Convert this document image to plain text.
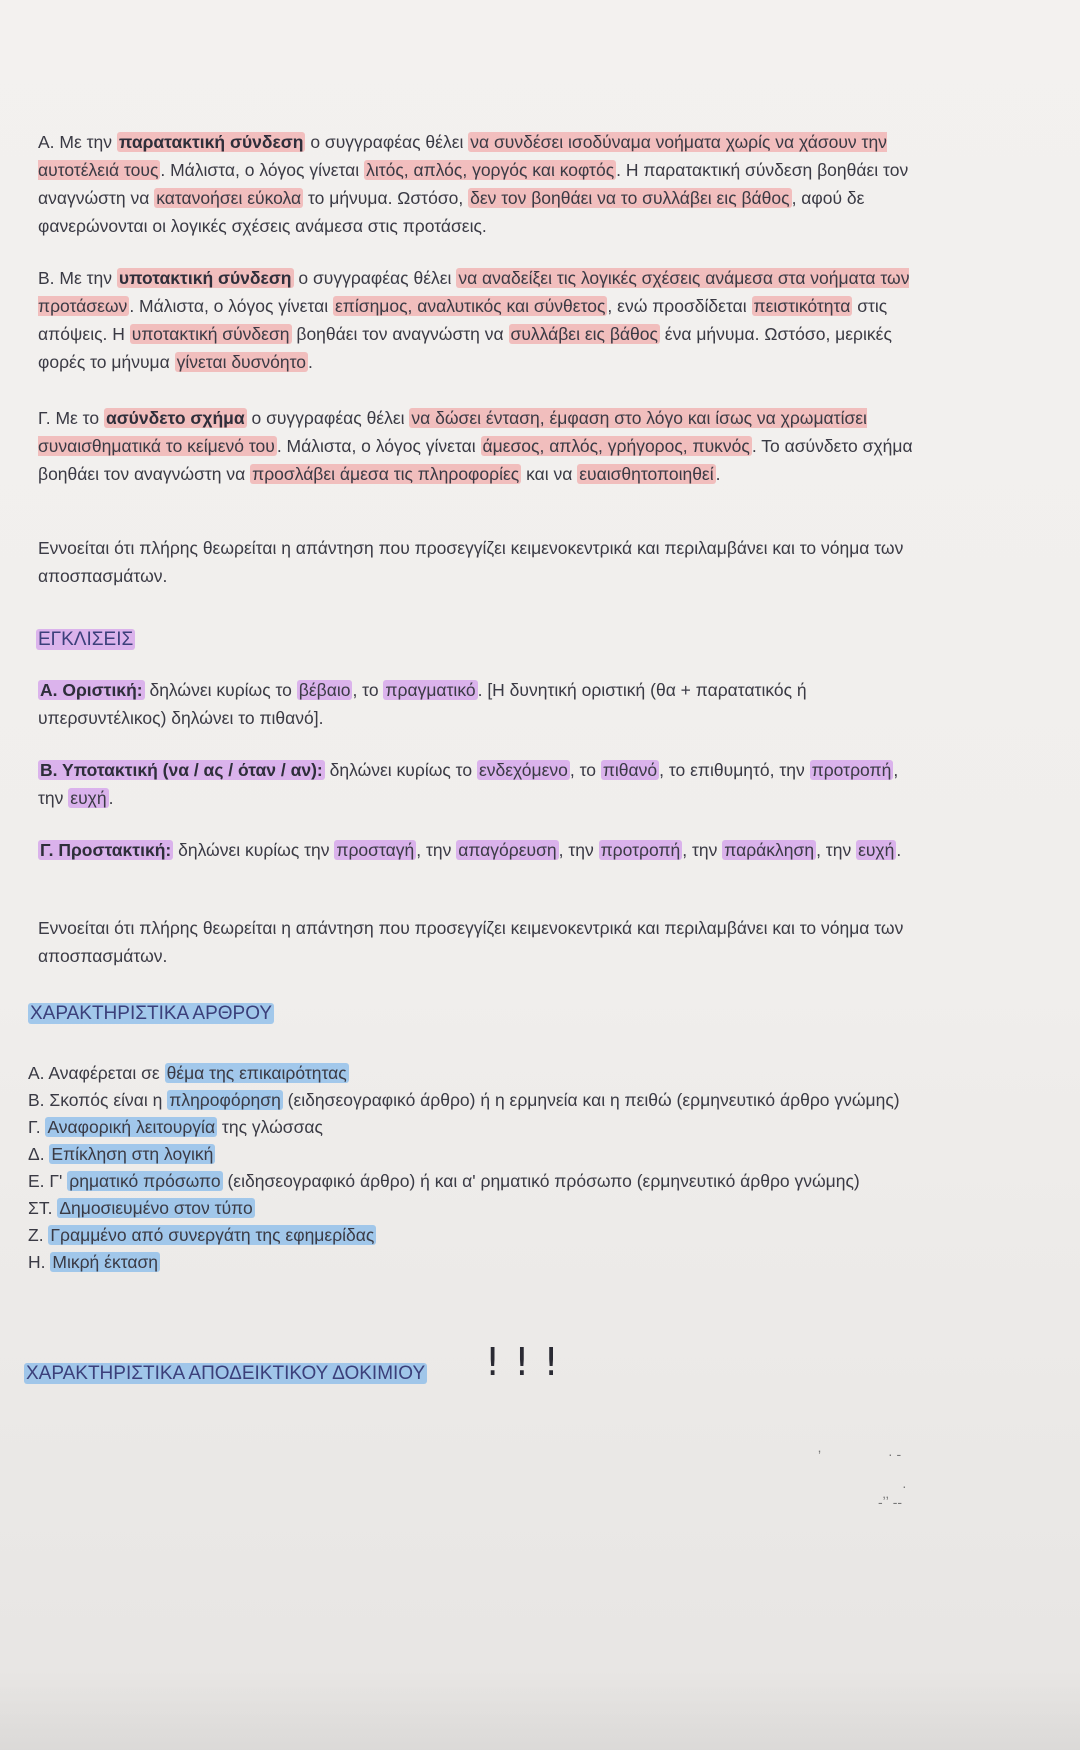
Α. Με την παρατακτική σύνδεση ο συγγραφέας θέλει να συνδέσει ισοδύναμα νοήματα χωρίς να χάσουν την αυτοτέλειά τους . Μάλιστα, ο λόγος γίνεται λιτός, απλός, γοργός και κοφτός . Η παρατακτική σύνδεση βοηθάει τον αναγνώστη να κατανοήσει εύκολα το μήνυμα. Ωστόσο, δεν τον βοηθάει να το συλλάβει εις βάθος , αφού δε φανερώνονται οι λογικές σχέσεις ανάμεσα στις προτάσεις.

Β. Με την υποτακτική σύνδεση ο συγγραφέας θέλει να αναδείξει τις λογικές σχέσεις ανάμεσα στα νοήματα των προτάσεων . Μάλιστα, ο λόγος γίνεται επίσημος, αναλυτικός και σύνθετος , ενώ προσδίδεται πειστικότητα στις απόψεις. Η υποτακτική σύνδεση βοηθάει τον αναγνώστη να συλλάβει εις βάθος ένα μήνυμα. Ωστόσο, μερικές φορές το μήνυμα γίνεται δυσνόητο .

Γ. Με το ασύνδετο σχήμα ο συγγραφέας θέλει να δώσει ένταση, έμφαση στο λόγο και ίσως να χρωματίσει συναισθηματικά το κείμενό του . Μάλιστα, ο λόγος γίνεται άμεσος, απλός, γρήγορος, πυκνός . Το ασύνδετο σχήμα βοηθάει τον αναγνώστη να προσλάβει άμεσα τις πληροφορίες και να ευαισθητοποιηθεί .

Εννοείται ότι πλήρης θεωρείται η απάντηση που προσεγγίζει κειμενοκεντρικά και περιλαμβάνει και το νόημα των αποσπασμάτων.

ΕΓΚΛΙΣΕΙΣ

Α. Οριστική: δηλώνει κυρίως το βέβαιο , το πραγματικό . [Η δυνητική οριστική (θα + παρατατικός ή υπερσυντέλικος) δηλώνει το πιθανό].

Β. Υποτακτική (να / ας / όταν / αν): δηλώνει κυρίως το ενδεχόμενο , το πιθανό , το επιθυμητό, την προτροπή , την ευχή .

Γ. Προστακτική: δηλώνει κυρίως την προσταγή , την απαγόρευση , την προτροπή , την παράκληση , την ευχή .

Εννοείται ότι πλήρης θεωρείται η απάντηση που προσεγγίζει κειμενοκεντρικά και περιλαμβάνει και το νόημα των αποσπασμάτων.

ΧΑΡΑΚΤΗΡΙΣΤΙΚΑ ΑΡΘΡΟΥ

Α. Αναφέρεται σε θέμα της επικαιρότητας
Β. Σκοπός είναι η πληροφόρηση (ειδησεογραφικό άρθρο) ή η ερμηνεία και η πειθώ (ερμηνευτικό άρθρο γνώμης)
Γ. Αναφορική λειτουργία της γλώσσας
Δ. Επίκληση στη λογική
Ε. Γ' ρηματικό πρόσωπο (ειδησεογραφικό άρθρο) ή και α' ρηματικό πρόσωπο (ερμηνευτικό άρθρο γνώμης)
ΣΤ. Δημοσιευμένο στον τύπο
Ζ. Γραμμένο από συνεργάτη της εφημερίδας
Η. Μικρή έκταση

ΧΑΡΑΚΤΗΡΙΣΤΙΚΑ ΑΠΟΔΕΙΚΤΙΚΟΥ ΔΟΚΙΜΙΟΥ !!!
ʼ	· -
·
-ʼʼ --
